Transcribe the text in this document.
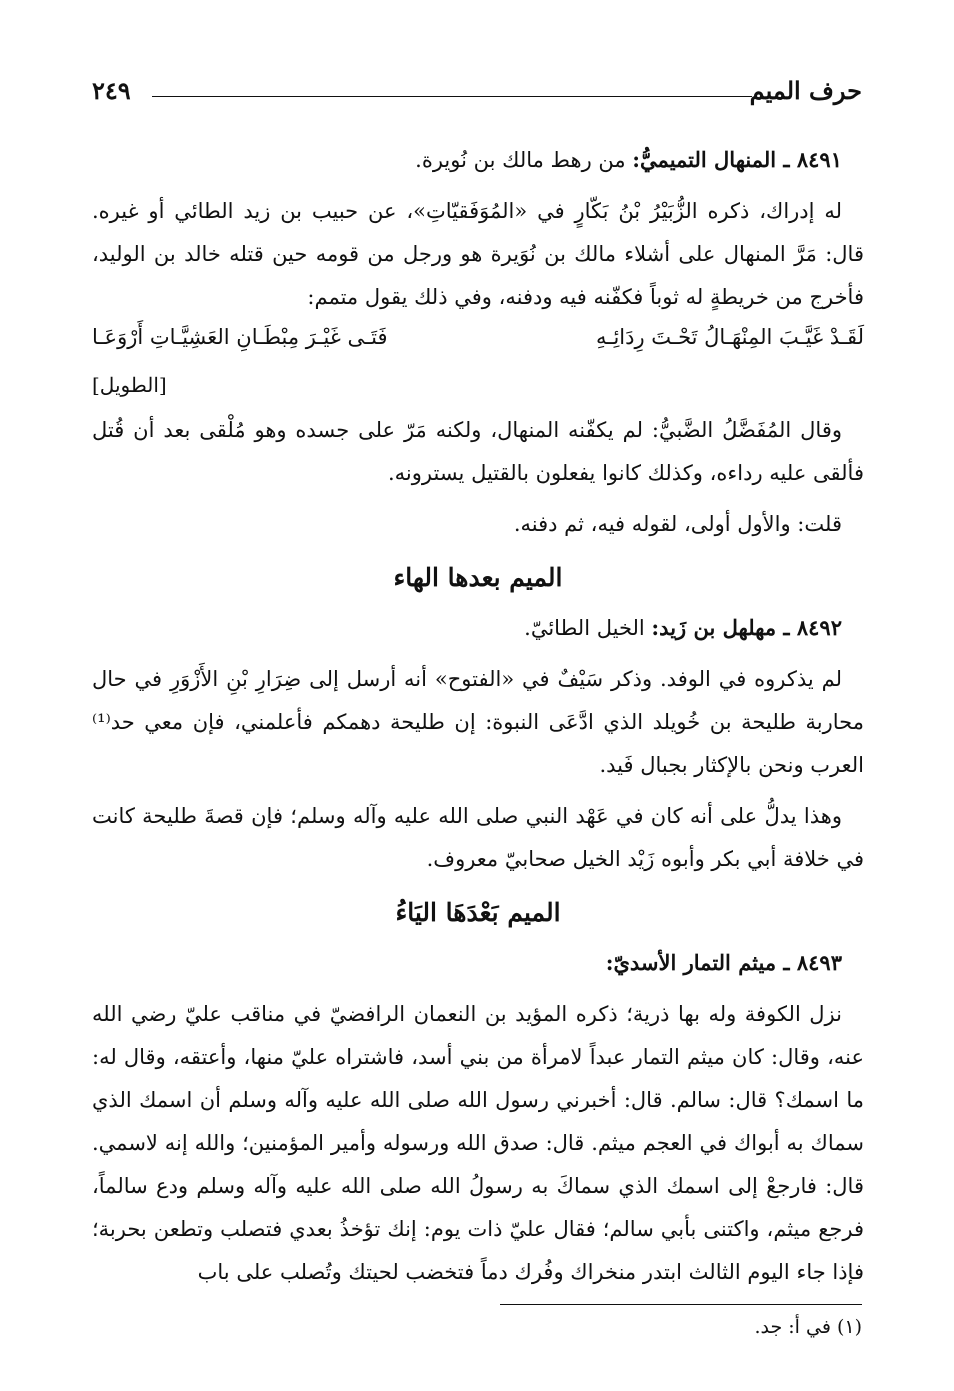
حرف الميم
٢٤٩

٨٤٩١ ـ المنهال التميميُّ: من رهط مالك بن نُويرة.

له إدراك، ذكره الزُّبَيْرُ بْنُ بَكّارٍ في «المُوَفَقيّاتِ»، عن حبيب بن زيد الطائي أو غيره. قال: مَرَّ المنهال على أشلاء مالك بن نُوَيرة هو ورجل من قومه حين قتله خالد بن الوليد، فأخرج من خريطةٍ له ثوباً فكفّنه فيه ودفنه، وفي ذلك يقول متمم:

لَقَـدْ غَيَّـبَ المِنْهَـالُ تَحْـتَ رِدَائِـهِ
فَتَـى غَيْـرَ مِبْطَـانِ العَشِيَّـاتِ أَرْوَعَـا

[الطويل]

وقال المُفَضَّلُ الضَّبيُّ: لم يكفّنه المنهال، ولكنه مَرّ على جسده وهو مُلْقى بعد أن قُتل فألقى عليه رداءه، وكذلك كانوا يفعلون بالقتيل يسترونه.

قلت: والأول أولى، لقوله فيه، ثم دفنه.

الميم بعدها الهاء

٨٤٩٢ ـ مهلهل بن زَيد: الخيل الطائيّ.

لم يذكروه في الوفد. وذكر سَيْفٌ في «الفتوح» أنه أرسل إلى ضِرَارِ بْنِ الأَزْوَرِ في حال محاربة طليحة بن خُويلد الذي ادَّعَى النبوة: إن طليحة دهمكم فأعلمني، فإن معي حد⁽¹⁾ العرب ونحن بالإكثار بجبال فَيد.

وهذا يدلُّ على أنه كان في عَهْد النبي صلى الله عليه وآله وسلم؛ فإن قصةَ طليحة كانت في خلافة أبي بكر وأبوه زَيْد الخيل صحابيّ معروف.

الميم بَعْدَهَا اليَاءُ

٨٤٩٣ ـ ميثم التمار الأسديّ:

نزل الكوفة وله بها ذرية؛ ذكره المؤيد بن النعمان الرافضيّ في مناقب عليّ رضي الله عنه، وقال: كان ميثم التمار عبداً لامرأة من بني أسد، فاشتراه عليّ منها، وأعتقه، وقال له: ما اسمك؟ قال: سالم. قال: أخبرني رسول الله صلى الله عليه وآله وسلم أن اسمك الذي سماك به أبواك في العجم ميثم. قال: صدق الله ورسوله وأمير المؤمنين؛ والله إنه لاسمي. قال: فارجعْ إلى اسمك الذي سماكَ به رسولُ الله صلى الله عليه وآله وسلم ودع سالماً، فرجع ميثم، واكتنى بأبي سالم؛ فقال عليّ ذات يوم: إنك تؤخذُ بعدي فتصلب وتطعن بحربة؛ فإذا جاء اليوم الثالث ابتدر منخراك وفُرك دماً فتخضب لحيتك وتُصلب على باب

(١) في أ: جد.
